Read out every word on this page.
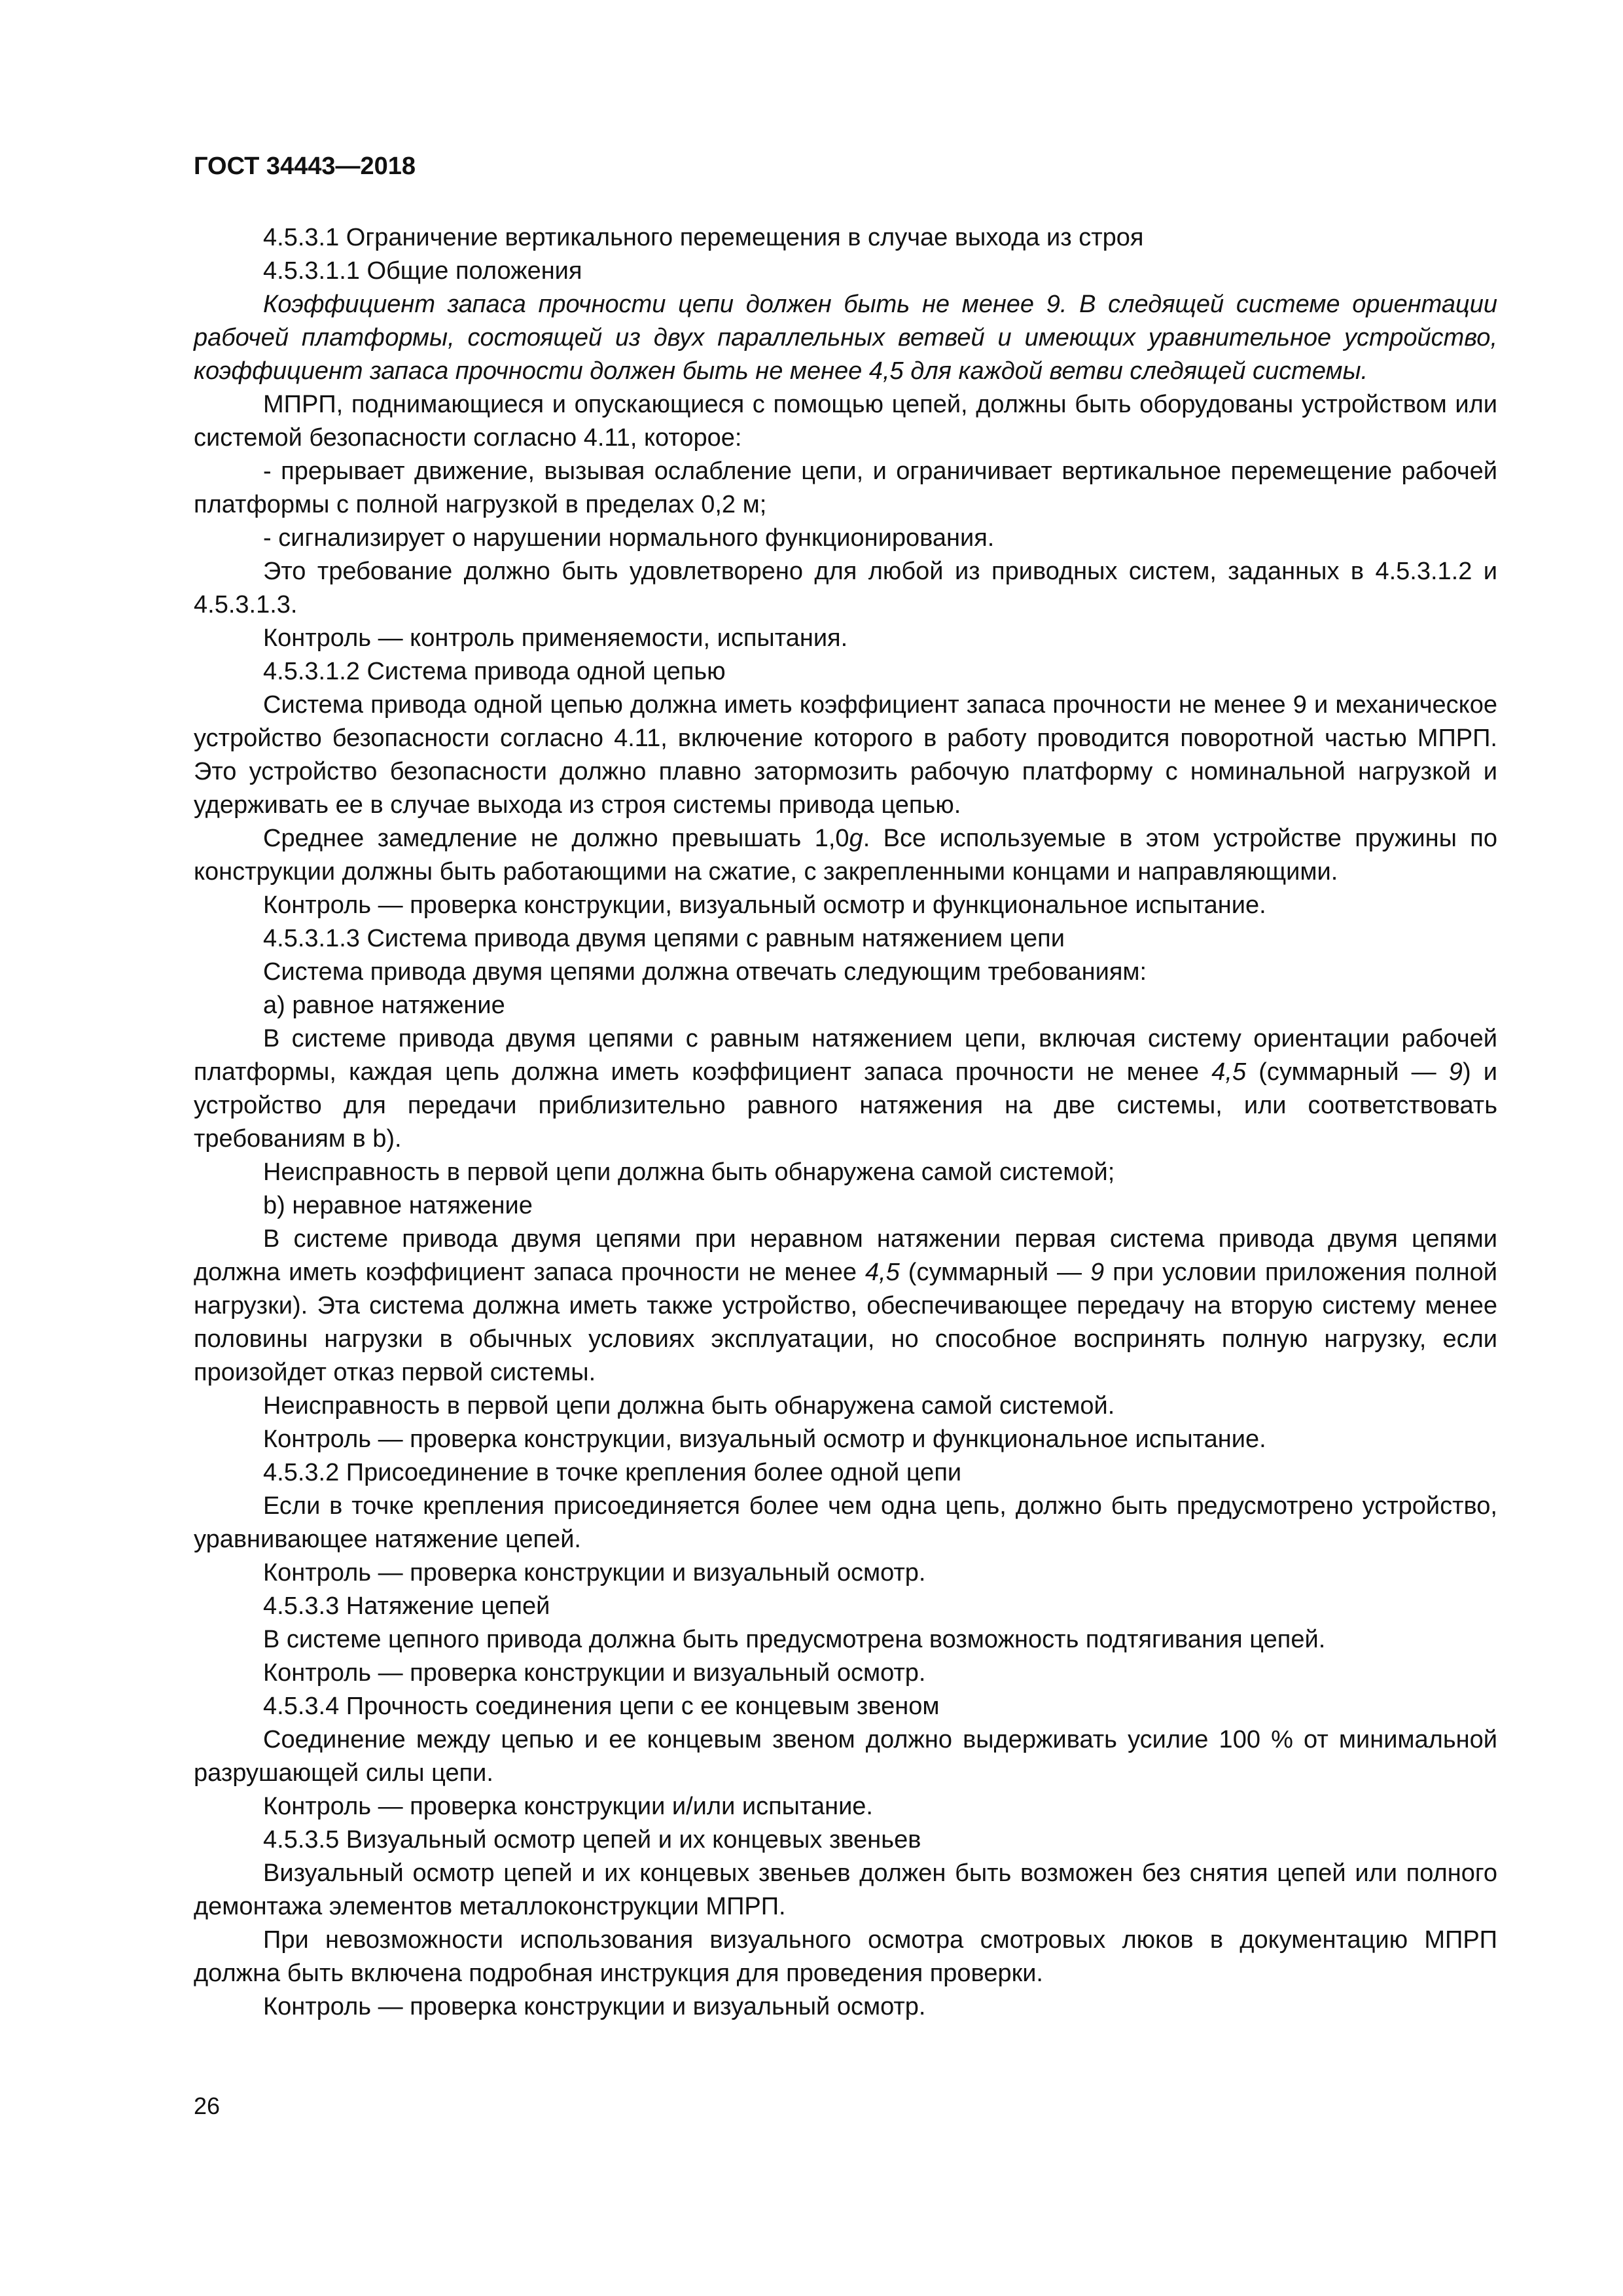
ГОСТ 34443—2018

4.5.3.1 Ограничение вертикального перемещения в случае выхода из строя

4.5.3.1.1 Общие положения

Коэффициент запаса прочности цепи должен быть не менее 9. В следящей системе ориентации рабочей платформы, состоящей из двух параллельных ветвей и имеющих уравнительное устройство, коэффициент запаса прочности должен быть не менее 4,5 для каждой ветви следящей системы.

МПРП, поднимающиеся и опускающиеся с помощью цепей, должны быть оборудованы устройством или системой безопасности согласно 4.11, которое:

- прерывает движение, вызывая ослабление цепи, и ограничивает вертикальное перемещение рабочей платформы с полной нагрузкой в пределах 0,2 м;

- сигнализирует о нарушении нормального функционирования.

Это требование должно быть удовлетворено для любой из приводных систем, заданных в 4.5.3.1.2 и 4.5.3.1.3.

Контроль — контроль применяемости, испытания.

4.5.3.1.2 Система привода одной цепью

Система привода одной цепью должна иметь коэффициент запаса прочности не менее 9 и механическое устройство безопасности согласно 4.11, включение которого в работу проводится поворотной частью МПРП. Это устройство безопасности должно плавно затормозить рабочую платформу с номинальной нагрузкой и удерживать ее в случае выхода из строя системы привода цепью.

Среднее замедление не должно превышать 1,0g. Все используемые в этом устройстве пружины по конструкции должны быть работающими на сжатие, с закрепленными концами и направляющими.

Контроль — проверка конструкции, визуальный осмотр и функциональное испытание.

4.5.3.1.3 Система привода двумя цепями с равным натяжением цепи

Система привода двумя цепями должна отвечать следующим требованиям:

a) равное натяжение

В системе привода двумя цепями с равным натяжением цепи, включая систему ориентации рабочей платформы, каждая цепь должна иметь коэффициент запаса прочности не менее 4,5 (суммарный — 9) и устройство для передачи приблизительно равного натяжения на две системы, или соответствовать требованиям в b).

Неисправность в первой цепи должна быть обнаружена самой системой;

b) неравное натяжение

В системе привода двумя цепями при неравном натяжении первая система привода двумя цепями должна иметь коэффициент запаса прочности не менее 4,5 (суммарный — 9 при условии приложения полной нагрузки). Эта система должна иметь также устройство, обеспечивающее передачу на вторую систему менее половины нагрузки в обычных условиях эксплуатации, но способное воспринять полную нагрузку, если произойдет отказ первой системы.

Неисправность в первой цепи должна быть обнаружена самой системой.

Контроль — проверка конструкции, визуальный осмотр и функциональное испытание.

4.5.3.2 Присоединение в точке крепления более одной цепи

Если в точке крепления присоединяется более чем одна цепь, должно быть предусмотрено устройство, уравнивающее натяжение цепей.

Контроль — проверка конструкции и визуальный осмотр.

4.5.3.3 Натяжение цепей

В системе цепного привода должна быть предусмотрена возможность подтягивания цепей.

Контроль — проверка конструкции и визуальный осмотр.

4.5.3.4 Прочность соединения цепи с ее концевым звеном

Соединение между цепью и ее концевым звеном должно выдерживать усилие 100 % от минимальной разрушающей силы цепи.

Контроль — проверка конструкции и/или испытание.

4.5.3.5 Визуальный осмотр цепей и их концевых звеньев

Визуальный осмотр цепей и их концевых звеньев должен быть возможен без снятия цепей или полного демонтажа элементов металлоконструкции МПРП.

При невозможности использования визуального осмотра смотровых люков в документацию МПРП должна быть включена подробная инструкция для проведения проверки.

Контроль — проверка конструкции и визуальный осмотр.

26
